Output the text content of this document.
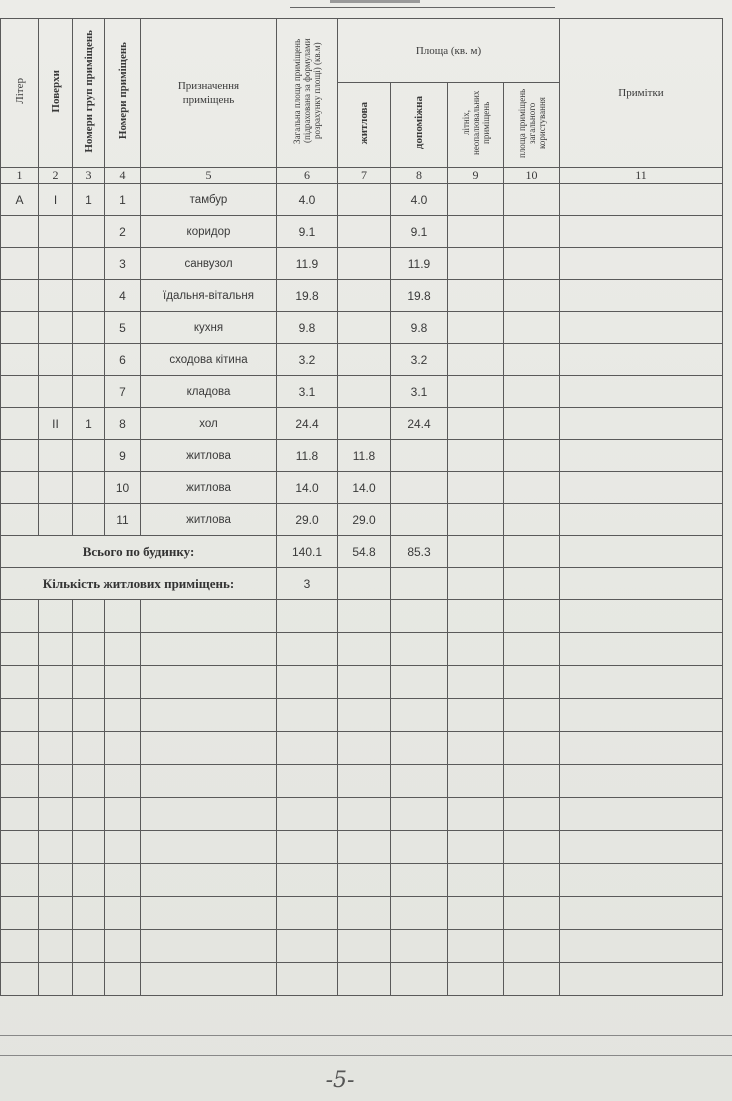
Літер	Поверхи	Номери груп приміщень	Номери приміщень	Призначення приміщень	Загальна площа приміщень (підрахована за формулами розрахунку площі) (кв.м)	Площа (кв. м)				Примітки

						житлова	допоміжна	літніх, неопалювальних приміщень	площа приміщень загального користування	
1	2	3	4	5	6	7	8	9	10	11
А	І	1	1	тамбур	4.0		4.0			
			2	коридор	9.1		9.1			
			3	санвузол	11.9		11.9			
			4	їдальня-вітальня	19.8		19.8			
			5	кухня	9.8		9.8			
			6	сходова кітина	3.2		3.2			
			7	кладова	3.1		3.1			
	ІІ	1	8	хол	24.4		24.4			
			9	житлова	11.8	11.8				
			10	житлова	14.0	14.0				
			11	житлова	29.0	29.0				
Всього по будинку:					140.1	54.8	85.3			
Кількість житлових приміщень:					3					

-5-
